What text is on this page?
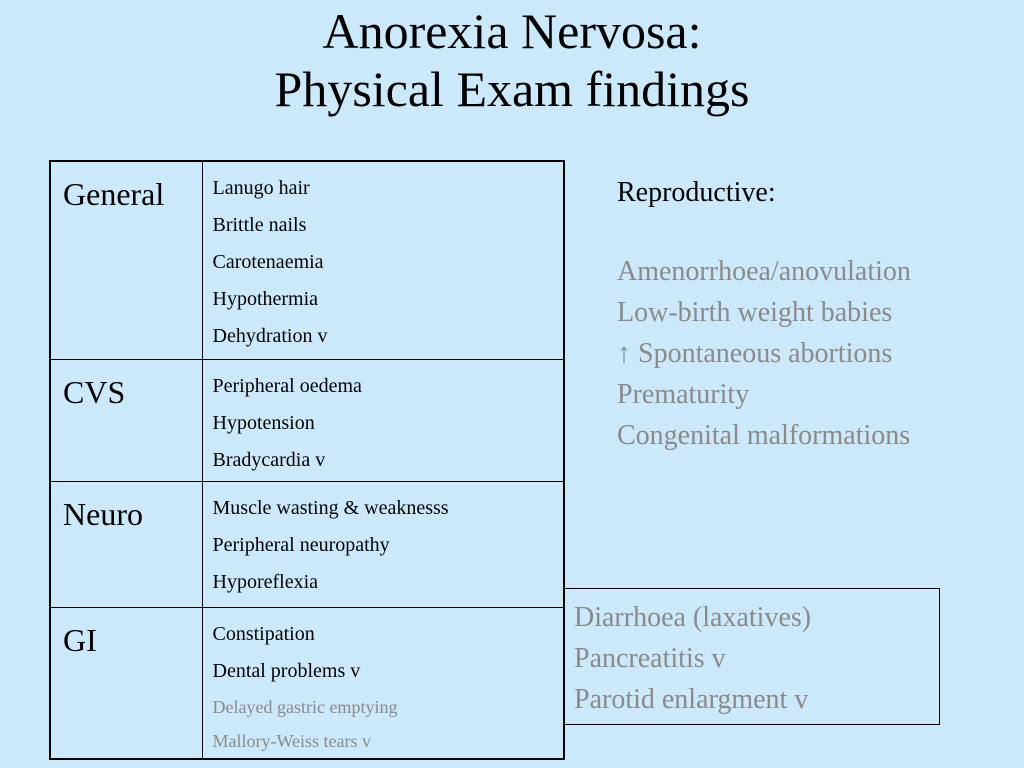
Anorexia Nervosa:
Physical Exam findings
General	Lanugo hair
Brittle nails
Carotenaemia
Hypothermia
Dehydration v

CVS	Peripheral oedema
Hypotension
Bradycardia v

Neuro	Muscle wasting & weaknesss
Peripheral neuropathy
Hyporeflexia

GI	Constipation
Dental problems v
Delayed gastric emptying
Mallory-Weiss tears v
Reproductive:
Amenorrhoea/anovulation
Low-birth weight babies
↑ Spontaneous abortions
Prematurity
Congenital malformations
Diarrhoea (laxatives)
Pancreatitis v
Parotid enlargment v
